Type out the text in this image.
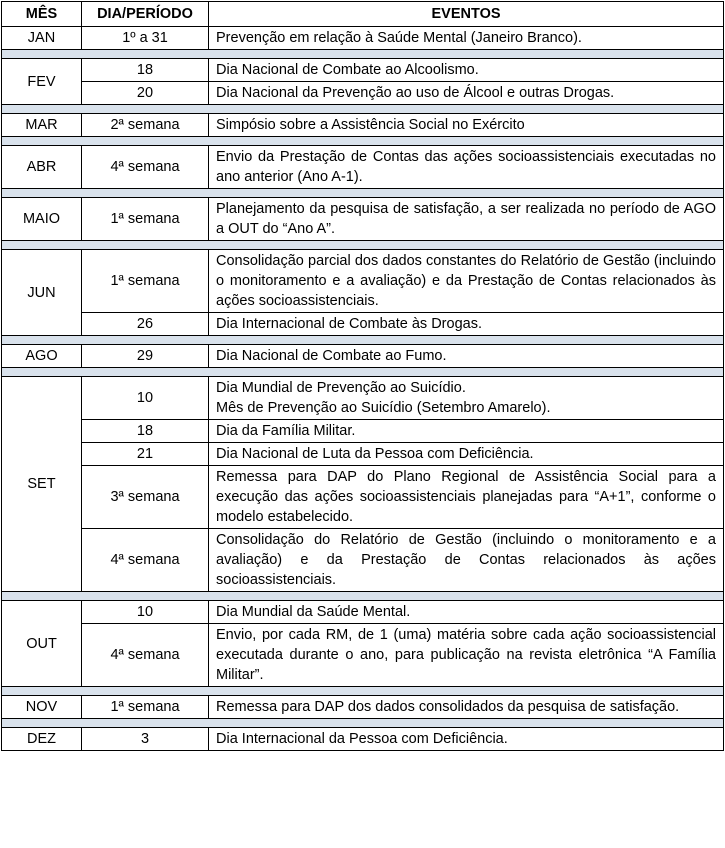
MÊS	DIA/PERÍODO	EVENTOS
JAN	1º a 31	Prevenção em relação à Saúde Mental (Janeiro Branco).

FEV	18	Dia Nacional de Combate ao Alcoolismo.
	20	Dia Nacional da Prevenção ao uso de Álcool e outras Drogas.

MAR	2ª semana	Simpósio sobre a Assistência Social no Exército

ABR	4ª semana	Envio da Prestação de Contas das ações socioassistenciais executadas no ano anterior (Ano A-1).

MAIO	1ª semana	Planejamento da pesquisa de satisfação, a ser realizada no período de AGO a OUT do “Ano A”.

JUN	1ª semana	Consolidação parcial dos dados constantes do Relatório de Gestão (incluindo o monitoramento e a avaliação) e da Prestação de Contas relacionados às ações socioassistenciais.
	26	Dia Internacional de Combate às Drogas.

AGO	29	Dia Nacional de Combate ao Fumo.

SET	10	Dia Mundial de Prevenção ao Suicídio.
Mês de Prevenção ao Suicídio (Setembro Amarelo).

	18	Dia da Família Militar.
	21	Dia Nacional de Luta da Pessoa com Deficiência.
	3ª semana	Remessa para DAP do Plano Regional de Assistência Social para a execução das ações socioassistenciais planejadas para “A+1”, conforme o modelo estabelecido.
	4ª semana	Consolidação do Relatório de Gestão (incluindo o monitoramento e a avaliação) e da Prestação de Contas relacionados às ações socioassistenciais.

OUT	10	Dia Mundial da Saúde Mental.
	4ª semana	Envio, por cada RM, de 1 (uma) matéria sobre cada ação socioassistencial executada durante o ano, para publicação na revista eletrônica “A Família Militar”.

NOV	1ª semana	Remessa para DAP dos dados consolidados da pesquisa de satisfação.

DEZ	3	Dia Internacional da Pessoa com Deficiência.
